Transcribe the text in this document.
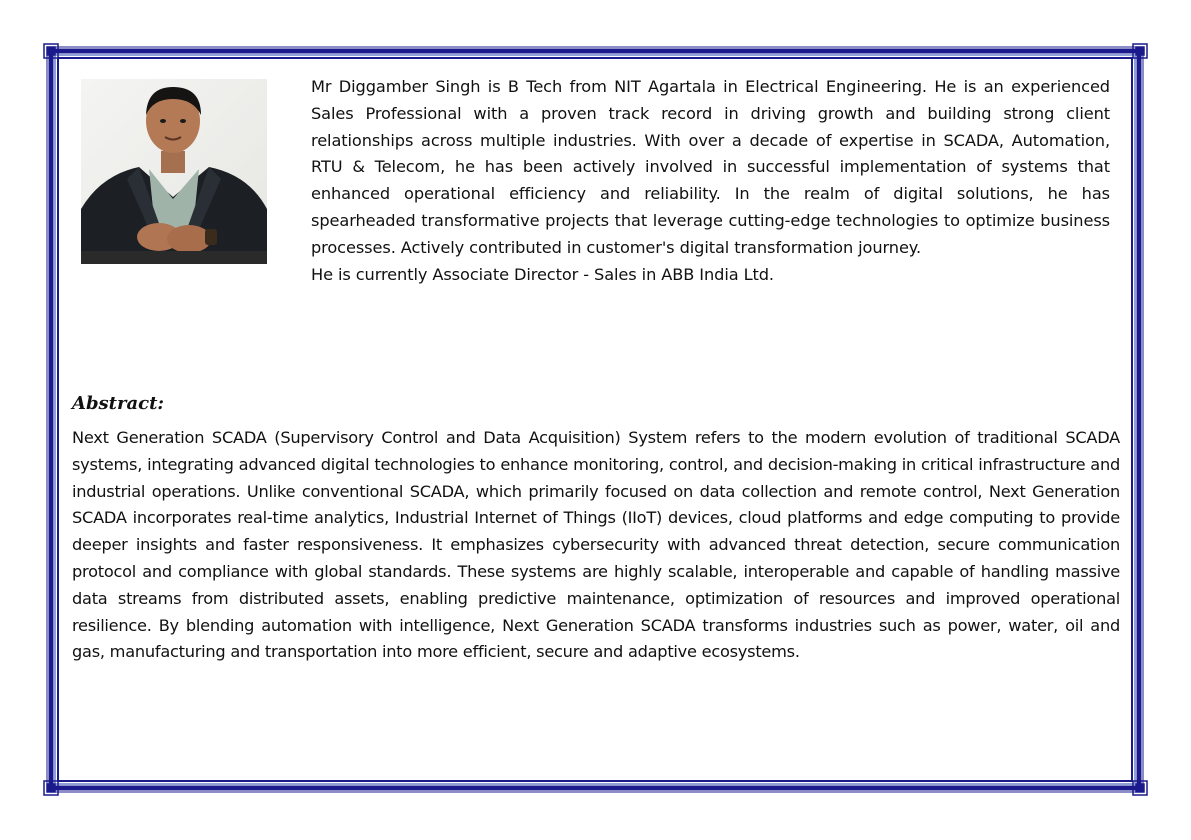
Mr Diggamber Singh is B Tech from NIT Agartala in Electrical Engineering. He is an experienced Sales Professional with a proven track record in driving growth and building strong client relationships across multiple industries. With over a decade of expertise in SCADA, Automation, RTU & Telecom, he has been actively involved in successful implementation of systems that enhanced operational efficiency and reliability. In the realm of digital solutions, he has spearheaded transformative projects that leverage cutting-edge technologies to optimize business processes. Actively contributed in customer's digital transformation journey.

He is currently Associate Director - Sales in ABB India Ltd.

Abstract:

Next Generation SCADA (Supervisory Control and Data Acquisition) System refers to the modern evolution of traditional SCADA systems, integrating advanced digital technologies to enhance monitoring, control, and decision-making in critical infrastructure and industrial operations. Unlike conventional SCADA, which primarily focused on data collection and remote control, Next Generation SCADA incorporates real-time analytics, Industrial Internet of Things (IIoT) devices, cloud platforms and edge computing to provide deeper insights and faster responsiveness. It emphasizes cybersecurity with advanced threat detection, secure communication protocol and compliance with global standards. These systems are highly scalable, interoperable and capable of handling massive data streams from distributed assets, enabling predictive maintenance, optimization of resources and improved operational resilience. By blending automation with intelligence, Next Generation SCADA transforms industries such as power, water, oil and gas, manufacturing and transportation into more efficient, secure and adaptive ecosystems.
